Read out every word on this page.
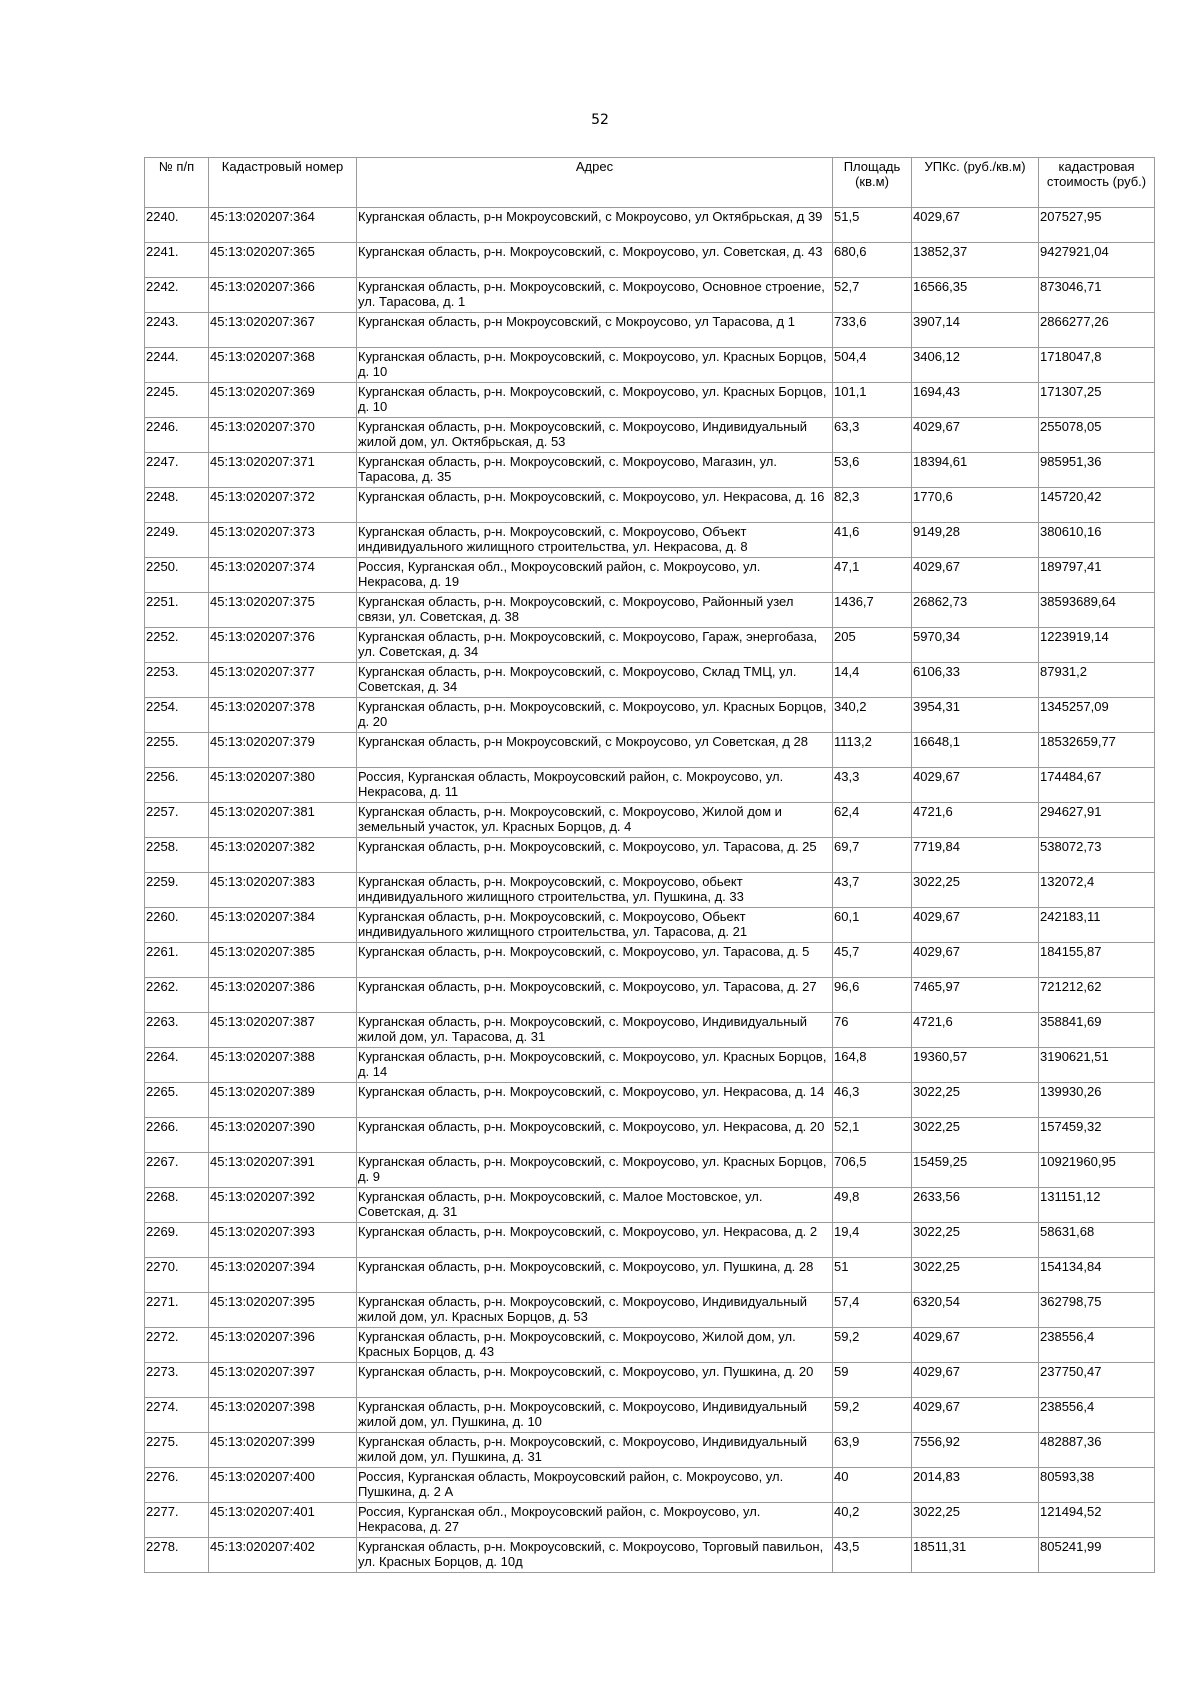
52
№ п/п	Кадастровый номер	Адрес	Площадь (кв.м)	УПКс. (руб./кв.м)	кадастровая стоимость (руб.)
2240.	45:13:020207:364	Курганская область, р-н Мокроусовский, с Мокроусово, ул Октябрьская, д 39	51,5	4029,67	207527,95
2241.	45:13:020207:365	Курганская область, р-н. Мокроусовский, с. Мокроусово, ул. Советская, д. 43	680,6	13852,37	9427921,04
2242.	45:13:020207:366	Курганская область, р-н. Мокроусовский, с. Мокроусово, Основное строение, ул. Тарасова, д. 1	52,7	16566,35	873046,71
2243.	45:13:020207:367	Курганская область, р-н Мокроусовский, с Мокроусово, ул Тарасова, д 1	733,6	3907,14	2866277,26
2244.	45:13:020207:368	Курганская область, р-н. Мокроусовский, с. Мокроусово, ул. Красных Борцов, д. 10	504,4	3406,12	1718047,8
2245.	45:13:020207:369	Курганская область, р-н. Мокроусовский, с. Мокроусово, ул. Красных Борцов, д. 10	101,1	1694,43	171307,25
2246.	45:13:020207:370	Курганская область, р-н. Мокроусовский, с. Мокроусово, Индивидуальный жилой дом, ул. Октябрьская, д. 53	63,3	4029,67	255078,05
2247.	45:13:020207:371	Курганская область, р-н. Мокроусовский, с. Мокроусово, Магазин, ул. Тарасова, д. 35	53,6	18394,61	985951,36
2248.	45:13:020207:372	Курганская область, р-н. Мокроусовский, с. Мокроусово, ул. Некрасова, д. 16	82,3	1770,6	145720,42
2249.	45:13:020207:373	Курганская область, р-н. Мокроусовский, с. Мокроусово, Объект индивидуального жилищного строительства, ул. Некрасова, д. 8	41,6	9149,28	380610,16
2250.	45:13:020207:374	Россия, Курганская обл., Мокроусовский район, с. Мокроусово, ул. Некрасова, д. 19	47,1	4029,67	189797,41
2251.	45:13:020207:375	Курганская область, р-н. Мокроусовский, с. Мокроусово, Районный узел связи, ул. Советская, д. 38	1436,7	26862,73	38593689,64
2252.	45:13:020207:376	Курганская область, р-н. Мокроусовский, с. Мокроусово, Гараж, энергобаза, ул. Советская, д. 34	205	5970,34	1223919,14
2253.	45:13:020207:377	Курганская область, р-н. Мокроусовский, с. Мокроусово, Склад ТМЦ, ул. Советская, д. 34	14,4	6106,33	87931,2
2254.	45:13:020207:378	Курганская область, р-н. Мокроусовский, с. Мокроусово, ул. Красных Борцов, д. 20	340,2	3954,31	1345257,09
2255.	45:13:020207:379	Курганская область, р-н Мокроусовский, с Мокроусово, ул Советская, д 28	1113,2	16648,1	18532659,77
2256.	45:13:020207:380	Россия, Курганская область, Мокроусовский район, с. Мокроусово, ул. Некрасова, д. 11	43,3	4029,67	174484,67
2257.	45:13:020207:381	Курганская область, р-н. Мокроусовский, с. Мокроусово, Жилой дом и земельный участок, ул. Красных Борцов, д. 4	62,4	4721,6	294627,91
2258.	45:13:020207:382	Курганская область, р-н. Мокроусовский, с. Мокроусово, ул. Тарасова, д. 25	69,7	7719,84	538072,73
2259.	45:13:020207:383	Курганская область, р-н. Мокроусовский, с. Мокроусово, обьект индивидуального жилищного строительства, ул. Пушкина, д. 33	43,7	3022,25	132072,4
2260.	45:13:020207:384	Курганская область, р-н. Мокроусовский, с. Мокроусово, Обьект индивидуального жилищного строительства, ул. Тарасова, д. 21	60,1	4029,67	242183,11
2261.	45:13:020207:385	Курганская область, р-н. Мокроусовский, с. Мокроусово, ул. Тарасова, д. 5	45,7	4029,67	184155,87
2262.	45:13:020207:386	Курганская область, р-н. Мокроусовский, с. Мокроусово, ул. Тарасова, д. 27	96,6	7465,97	721212,62
2263.	45:13:020207:387	Курганская область, р-н. Мокроусовский, с. Мокроусово, Индивидуальный жилой дом, ул. Тарасова, д. 31	76	4721,6	358841,69
2264.	45:13:020207:388	Курганская область, р-н. Мокроусовский, с. Мокроусово, ул. Красных Борцов, д. 14	164,8	19360,57	3190621,51
2265.	45:13:020207:389	Курганская область, р-н. Мокроусовский, с. Мокроусово, ул. Некрасова, д. 14	46,3	3022,25	139930,26
2266.	45:13:020207:390	Курганская область, р-н. Мокроусовский, с. Мокроусово, ул. Некрасова, д. 20	52,1	3022,25	157459,32
2267.	45:13:020207:391	Курганская область, р-н. Мокроусовский, с. Мокроусово, ул. Красных Борцов, д. 9	706,5	15459,25	10921960,95
2268.	45:13:020207:392	Курганская область, р-н. Мокроусовский, с. Малое Мостовское, ул. Советская, д. 31	49,8	2633,56	131151,12
2269.	45:13:020207:393	Курганская область, р-н. Мокроусовский, с. Мокроусово, ул. Некрасова, д. 2	19,4	3022,25	58631,68
2270.	45:13:020207:394	Курганская область, р-н. Мокроусовский, с. Мокроусово, ул. Пушкина, д. 28	51	3022,25	154134,84
2271.	45:13:020207:395	Курганская область, р-н. Мокроусовский, с. Мокроусово, Индивидуальный жилой дом, ул. Красных Борцов, д. 53	57,4	6320,54	362798,75
2272.	45:13:020207:396	Курганская область, р-н. Мокроусовский, с. Мокроусово, Жилой дом, ул. Красных Борцов, д. 43	59,2	4029,67	238556,4
2273.	45:13:020207:397	Курганская область, р-н. Мокроусовский, с. Мокроусово, ул. Пушкина, д. 20	59	4029,67	237750,47
2274.	45:13:020207:398	Курганская область, р-н. Мокроусовский, с. Мокроусово, Индивидуальный жилой дом, ул. Пушкина, д. 10	59,2	4029,67	238556,4
2275.	45:13:020207:399	Курганская область, р-н. Мокроусовский, с. Мокроусово, Индивидуальный жилой дом, ул. Пушкина, д. 31	63,9	7556,92	482887,36
2276.	45:13:020207:400	Россия, Курганская область, Мокроусовский район, с. Мокроусово, ул. Пушкина, д. 2 А	40	2014,83	80593,38
2277.	45:13:020207:401	Россия, Курганская обл., Мокроусовский район, с. Мокроусово, ул. Некрасова, д. 27	40,2	3022,25	121494,52
2278.	45:13:020207:402	Курганская область, р-н. Мокроусовский, с. Мокроусово, Торговый павильон, ул. Красных Борцов, д. 10д	43,5	18511,31	805241,99
